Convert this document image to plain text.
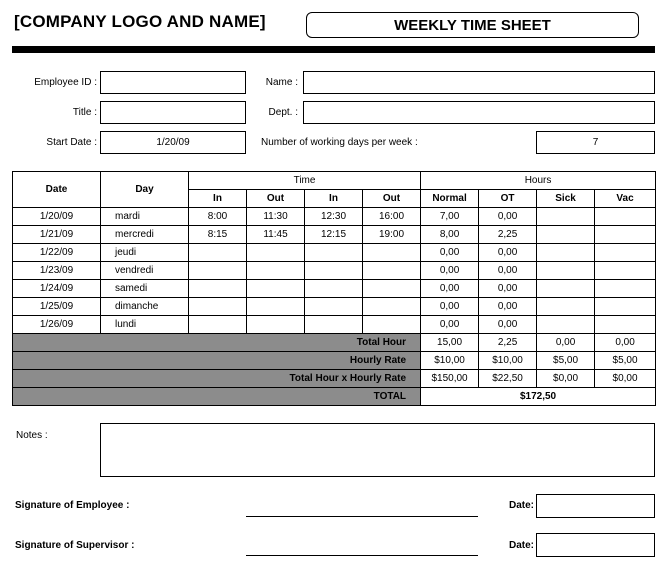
[COMPANY LOGO AND NAME]	WEEKLY TIME SHEET
Employee ID :	Name :
Title :	Dept. :
Start Date :	1/20/09	Number of working days per week :	7
Date	Day	Time				Hours			
		In	Out	In	Out	Normal	OT	Sick	Vac
1/20/09	mardi	8:00	11:30	12:30	16:00	7,00	0,00		
1/21/09	mercredi	8:15	11:45	12:15	19:00	8,00	2,25		
1/22/09	jeudi					0,00	0,00		
1/23/09	vendredi					0,00	0,00		
1/24/09	samedi					0,00	0,00		
1/25/09	dimanche					0,00	0,00		
1/26/09	lundi					0,00	0,00		
Total Hour						15,00	2,25	0,00	0,00
Hourly Rate						$10,00	$10,00	$5,00	$5,00
Total Hour x Hourly Rate						$150,00	$22,50	$0,00	$0,00
TOTAL						$172,50			
Notes :
Signature of Employee :	Date:
Signature of Supervisor :	Date:
